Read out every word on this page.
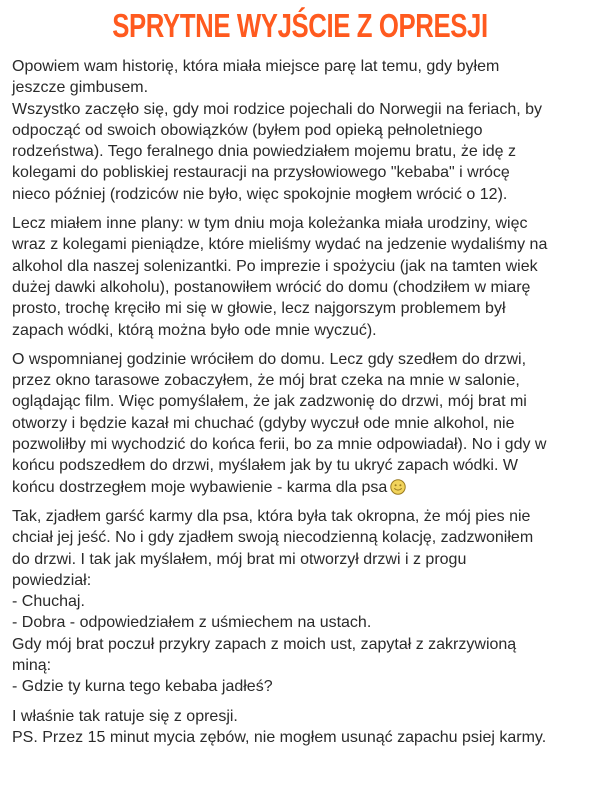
SPRYTNE WYJŚCIE Z OPRESJI
Opowiem wam historię, która miała miejsce parę lat temu, gdy byłem
jeszcze gimbusem.
Wszystko zaczęło się, gdy moi rodzice pojechali do Norwegii na feriach, by
odpocząć od swoich obowiązków (byłem pod opieką pełnoletniego
rodzeństwa). Tego feralnego dnia powiedziałem mojemu bratu, że idę z
kolegami do pobliskiej restauracji na przysłowiowego "kebaba" i wrócę
nieco później (rodziców nie było, więc spokojnie mogłem wrócić o 12).
Lecz miałem inne plany: w tym dniu moja koleżanka miała urodziny, więc
wraz z kolegami pieniądze, które mieliśmy wydać na jedzenie wydaliśmy na
alkohol dla naszej solenizantki. Po imprezie i spożyciu (jak na tamten wiek
dużej dawki alkoholu), postanowiłem wrócić do domu (chodziłem w miarę
prosto, trochę kręciło mi się w głowie, lecz najgorszym problemem był
zapach wódki, którą można było ode mnie wyczuć).
O wspomnianej godzinie wróciłem do domu. Lecz gdy szedłem do drzwi,
przez okno tarasowe zobaczyłem, że mój brat czeka na mnie w salonie,
oglądając film. Więc pomyślałem, że jak zadzwonię do drzwi, mój brat mi
otworzy i będzie kazał mi chuchać (gdyby wyczuł ode mnie alkohol, nie
pozwoliłby mi wychodzić do końca ferii, bo za mnie odpowiadał). No i gdy w
końcu podszedłem do drzwi, myślałem jak by tu ukryć zapach wódki. W
końcu dostrzegłem moje wybawienie - karma dla psa
Tak, zjadłem garść karmy dla psa, która była tak okropna, że mój pies nie
chciał jej jeść. No i gdy zjadłem swoją niecodzienną kolację, zadzwoniłem
do drzwi. I tak jak myślałem, mój brat mi otworzył drzwi i z progu
powiedział:
- Chuchaj.
- Dobra - odpowiedziałem z uśmiechem na ustach.
Gdy mój brat poczuł przykry zapach z moich ust, zapytał z zakrzywioną
miną:
- Gdzie ty kurna tego kebaba jadłeś?
I właśnie tak ratuje się z opresji.
PS. Przez 15 minut mycia zębów, nie mogłem usunąć zapachu psiej karmy.
